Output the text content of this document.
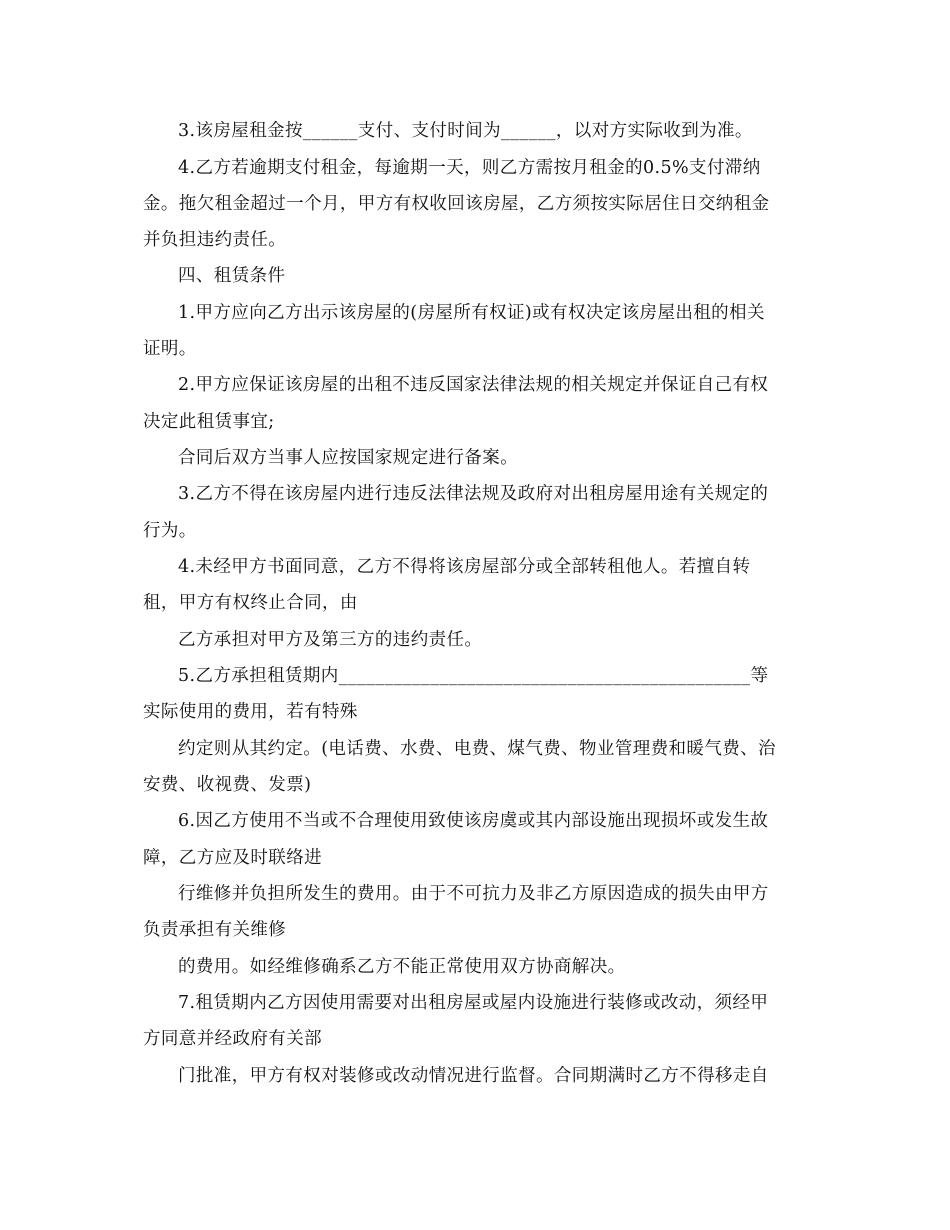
3.该房屋租金按______支付、支付时间为______，以对方实际收到为准。
4.乙方若逾期支付租金，每逾期一天，则乙方需按月租金的0.5%支付滞纳
金。拖欠租金超过一个月，甲方有权收回该房屋，乙方须按实际居住日交纳租金
并负担违约责任。
四、租赁条件
1.甲方应向乙方出示该房屋的(房屋所有权证)或有权决定该房屋出租的相关
证明。
2.甲方应保证该房屋的出租不违反国家法律法规的相关规定并保证自己有权
决定此租赁事宜;
合同后双方当事人应按国家规定进行备案。
3.乙方不得在该房屋内进行违反法律法规及政府对出租房屋用途有关规定的
行为。
4.未经甲方书面同意，乙方不得将该房屋部分或全部转租他人。若擅自转
租，甲方有权终止合同，由
乙方承担对甲方及第三方的违约责任。
5.乙方承担租赁期内_____________________________________________等
实际使用的费用，若有特殊
约定则从其约定。(电话费、水费、电费、煤气费、物业管理费和暖气费、治
安费、收视费、发票)
6.因乙方使用不当或不合理使用致使该房虞或其内部设施出现损坏或发生故
障，乙方应及时联络进
行维修并负担所发生的费用。由于不可抗力及非乙方原因造成的损失由甲方
负责承担有关维修
的费用。如经维修确系乙方不能正常使用双方协商解决。
7.租赁期内乙方因使用需要对出租房屋或屋内设施进行装修或改动，须经甲
方同意并经政府有关部
门批准，甲方有权对装修或改动情况进行监督。合同期满时乙方不得移走自
